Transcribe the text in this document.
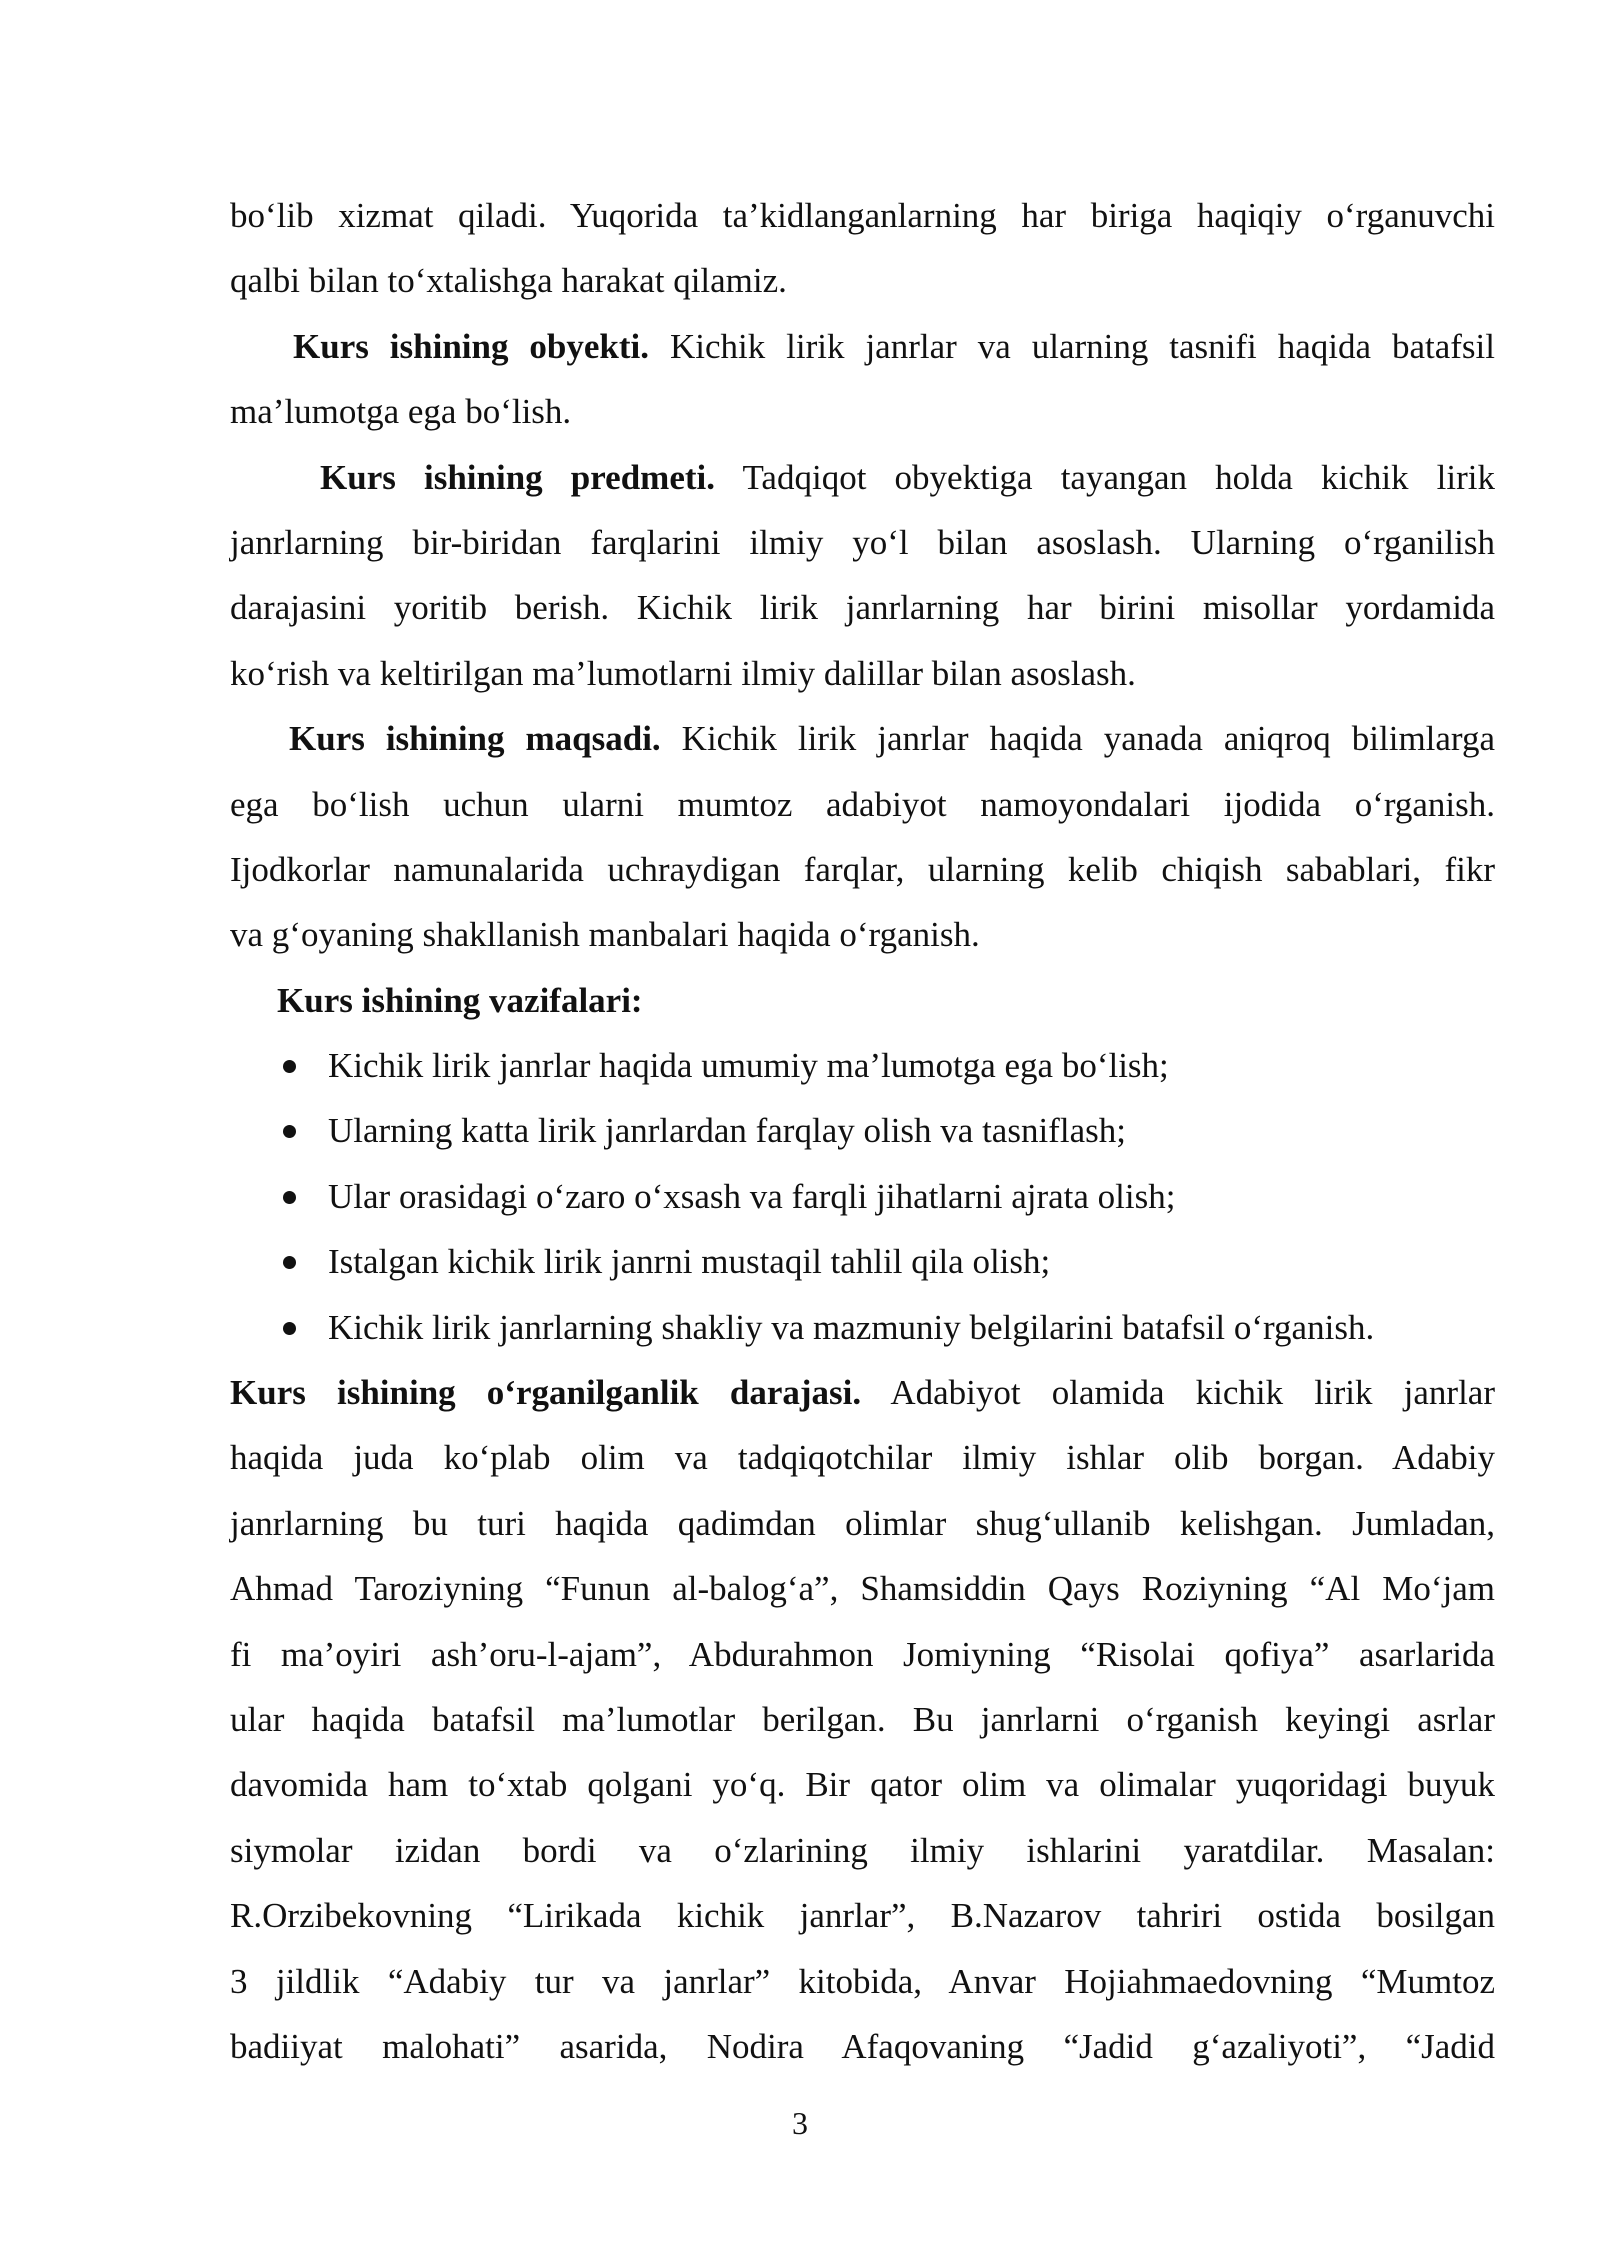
bo‘lib xizmat qiladi. Yuqorida ta’kidlanganlarning har biriga haqiqiy o‘rganuvchi
qalbi bilan to‘xtalishga harakat qilamiz.
Kurs ishining obyekti. Kichik lirik janrlar va ularning tasnifi haqida batafsil
ma’lumotga ega bo‘lish.
Kurs ishining predmeti. Tadqiqot obyektiga tayangan holda kichik lirik
janrlarning bir-biridan farqlarini ilmiy yo‘l bilan asoslash. Ularning o‘rganilish
darajasini yoritib berish. Kichik lirik janrlarning har birini misollar yordamida
ko‘rish va keltirilgan ma’lumotlarni ilmiy dalillar bilan asoslash.
Kurs ishining maqsadi. Kichik lirik janrlar haqida yanada aniqroq bilimlarga
ega bo‘lish uchun ularni mumtoz adabiyot namoyondalari ijodida o‘rganish.
Ijodkorlar namunalarida uchraydigan farqlar, ularning kelib chiqish sabablari, fikr
va g‘oyaning shakllanish manbalari haqida o‘rganish.
Kurs ishining vazifalari:
Kichik lirik janrlar haqida umumiy ma’lumotga ega bo‘lish;
Ularning katta lirik janrlardan farqlay olish va tasniflash;
Ular orasidagi o‘zaro o‘xsash va farqli jihatlarni ajrata olish;
Istalgan kichik lirik janrni mustaqil tahlil qila olish;
Kichik lirik janrlarning shakliy va mazmuniy belgilarini batafsil o‘rganish.
Kurs ishining o‘rganilganlik darajasi. Adabiyot olamida kichik lirik janrlar
haqida juda ko‘plab olim va tadqiqotchilar ilmiy ishlar olib borgan. Adabiy
janrlarning bu turi haqida qadimdan olimlar shug‘ullanib kelishgan. Jumladan,
Ahmad Taroziyning “Funun al-balog‘a”, Shamsiddin Qays Roziyning “Al Mo‘jam
fi ma’oyiri ash’oru-l-ajam”, Abdurahmon Jomiyning “Risolai qofiya” asarlarida
ular haqida batafsil ma’lumotlar berilgan. Bu janrlarni o‘rganish keyingi asrlar
davomida ham to‘xtab qolgani yo‘q. Bir qator olim va olimalar yuqoridagi buyuk
siymolar izidan bordi va o‘zlarining ilmiy ishlarini yaratdilar. Masalan:
R.Orzibekovning “Lirikada kichik janrlar”, B.Nazarov tahriri ostida bosilgan
3 jildlik “Adabiy tur va janrlar” kitobida, Anvar Hojiahmaedovning “Mumtoz
badiiyat malohati” asarida, Nodira Afaqovaning “Jadid g‘azaliyoti”, “Jadid
3
